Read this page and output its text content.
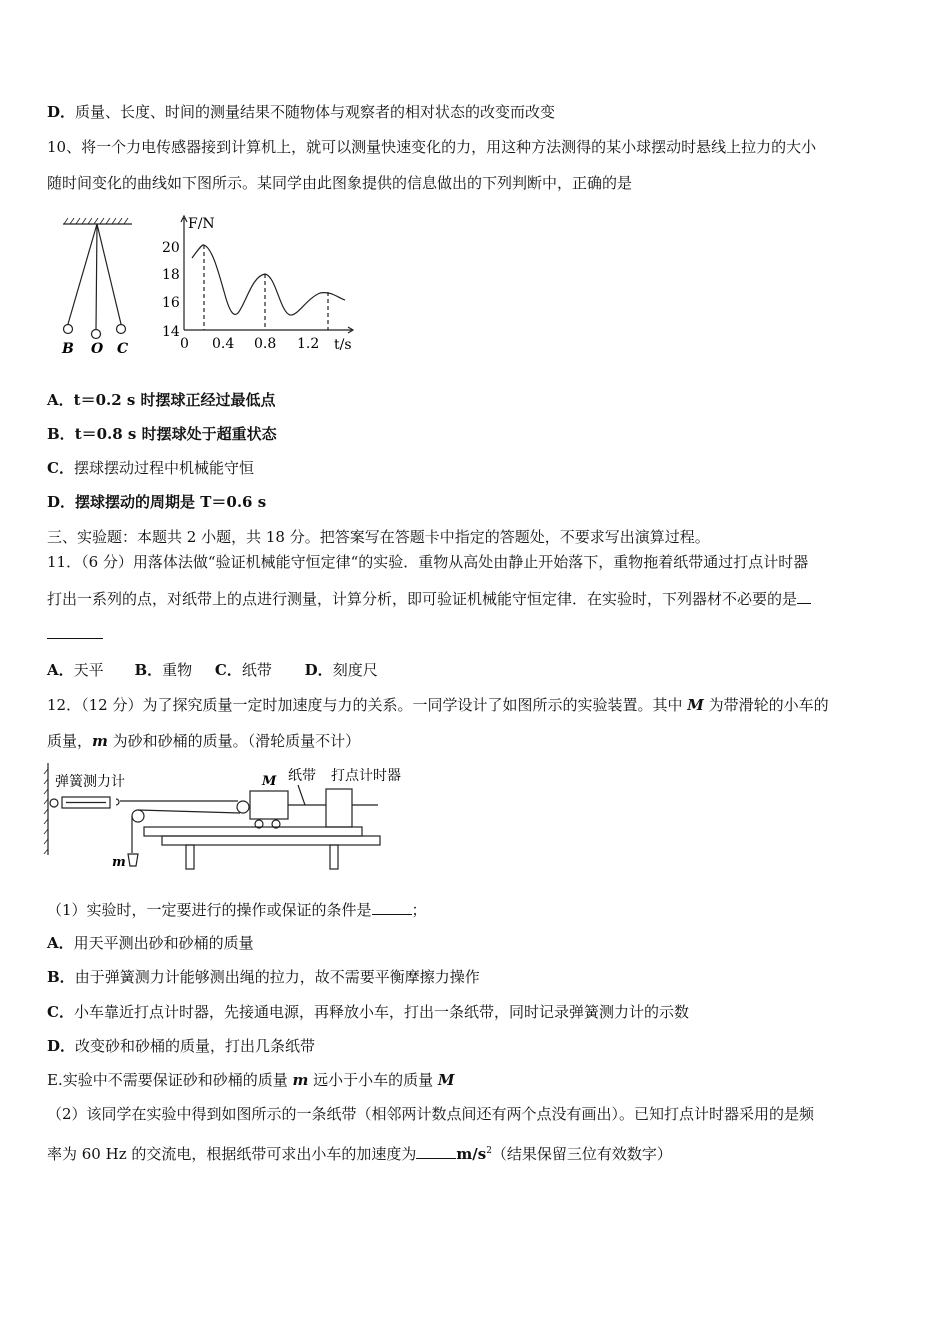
D．质量、长度、时间的测量结果不随物体与观察者的相对状态的改变而改变
10、将一个力电传感器接到计算机上，就可以测量快速变化的力，用这种方法测得的某小球摆动时悬线上拉力的大小
随时间变化的曲线如下图所示。某同学由此图象提供的信息做出的下列判断中，正确的是
B O C
F/N
t/s
14
16
18
20
0 0.4 0.8 1.2
A．t＝0.2 s 时摆球正经过最低点
B．t＝0.8 s 时摆球处于超重状态
C．摆球摆动过程中机械能守恒
D．摆球摆动的周期是 T＝0.6 s
三、实验题：本题共 2 小题，共 18 分。把答案写在答题卡中指定的答题处，不要求写出演算过程。
11．（6 分）用落体法做“验证机械能守恒定律“的实验．重物从高处由静止开始落下，重物拖着纸带通过打点计时器
打出一系列的点，对纸带上的点进行测量，计算分析，即可验证机械能守恒定律．在实验时，下列器材不必要的是
A．天平 B．重物 C．纸带 D．刻度尺
12．（12 分）为了探究质量一定时加速度与力的关系。一同学设计了如图所示的实验装置。其中 M 为带滑轮的小车的
质量，m 为砂和砂桶的质量。（滑轮质量不计）
弹簧测力计	M 纸带 打点计时器
m
（1）实验时，一定要进行的操作或保证的条件是	；
A．用天平测出砂和砂桶的质量
B．由于弹簧测力计能够测出绳的拉力，故不需要平衡摩擦力操作
C．小车靠近打点计时器，先接通电源，再释放小车，打出一条纸带，同时记录弹簧测力计的示数
D．改变砂和砂桶的质量，打出几条纸带
E.实验中不需要保证砂和砂桶的质量 m 远小于小车的质量 M
（2）该同学在实验中得到如图所示的一条纸带（相邻两计数点间还有两个点没有画出）。已知打点计时器采用的是频
率为 60 Hz 的交流电，根据纸带可求出小车的加速度为	$m/s^2$（结果保留三位有效数字）
